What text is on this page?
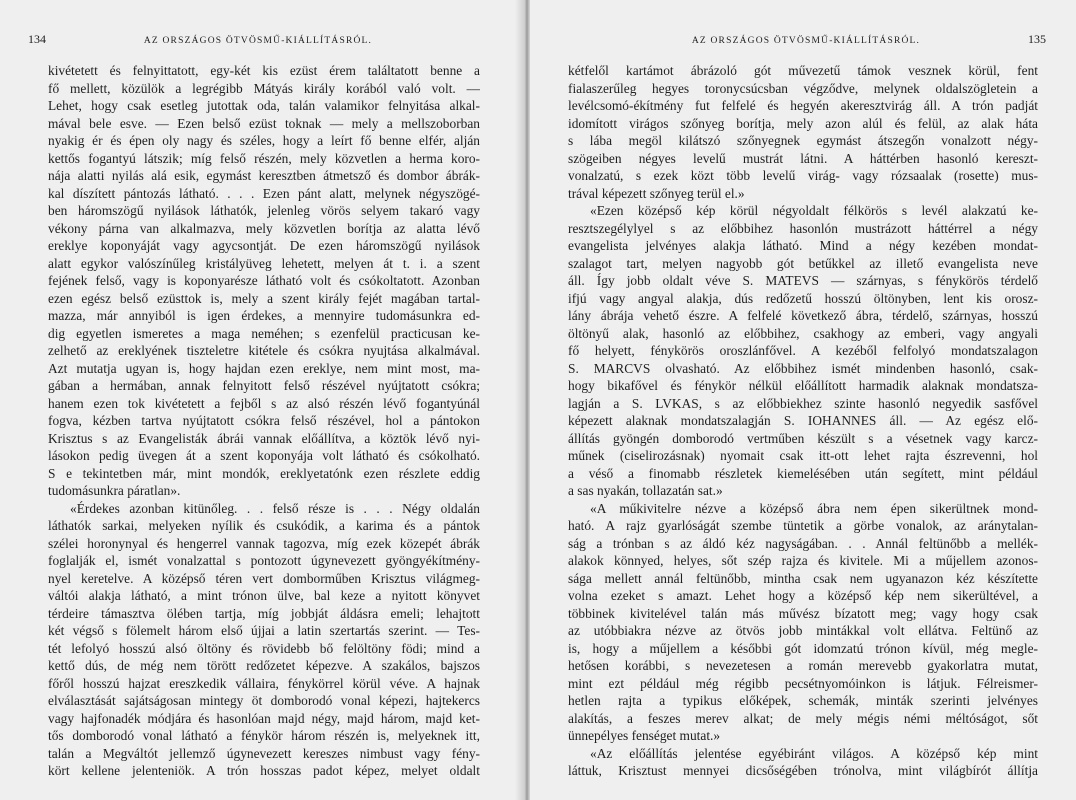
134	AZ ORSZÁGOS ÖTVÖSMŰ-KIÁLLÍTÁSRÓL.
kivétetett és felnyittatott, egy-két kis ezüst érem találtatott benne a
fő mellett, közülök a legrégibb Mátyás király korából való volt. —
Lehet, hogy csak esetleg jutottak oda, talán valamikor felnyitása alkal-
mával bele esve. — Ezen belső ezüst toknak — mely a mellszoborban
nyakig ér és épen oly nagy és széles, hogy a leírt fő benne elfér, alján
kettős fogantyú látszik; míg felső részén, mely közvetlen a herma koro-
nája alatti nyilás alá esik, egymást keresztben átmetsző és dombor ábrák-
kal díszített pántozás látható. . . . Ezen pánt alatt, melynek négyszögé-
ben háromszögű nyilások láthatók, jelenleg vörös selyem takaró vagy
vékony párna van alkalmazva, mely közvetlen borítja az alatta lévő
ereklye koponyáját vagy agycsontját. De ezen háromszögű nyilások
alatt egykor valószínűleg kristályüveg lehetett, melyen át t. i. a szent
fejének felső, vagy is koponyarésze látható volt és csókoltatott. Azonban
ezen egész belső ezüsttok is, mely a szent király fejét magában tartal-
mazza, már annyiból is igen érdekes, a mennyire tudomásunkra ed-
dig egyetlen ismeretes a maga neméhen; s ezenfelül practicusan ke-
zelhető az ereklyének tiszteletre kitétele és csókra nyujtása alkalmával.
Azt mutatja ugyan is, hogy hajdan ezen ereklye, nem mint most, ma-
gában a hermában, annak felnyitott felső részével nyújtatott csókra;
hanem ezen tok kivétetett a fejből s az alsó részén lévő fogantyúnál
fogva, kézben tartva nyújtatott csókra felső részével, hol a pántokon
Krisztus s az Evangelisták ábrái vannak előállítva, a köztök lévő nyi-
lásokon pedig üvegen át a szent koponyája volt látható és csókolható.
S e tekintetben már, mint mondók, ereklyetatónk ezen részlete eddig
tudomásunkra páratlan».
«Érdekes azonban kitünőleg. . . felső része is . . . Négy oldalán
láthatók sarkai, melyeken nyílik és csukódik, a karima és a pántok
szélei horonynyal és hengerrel vannak tagozva, míg ezek közepét ábrák
foglalják el, ismét vonalzattal s pontozott úgynevezett gyöngyékítmény-
nyel keretelve. A középső téren vert domborműben Krisztus világmeg-
váltói alakja látható, a mint trónon ülve, bal keze a nyitott könyvet
térdeire támasztva ölében tartja, míg jobbját áldásra emeli; lehajtott
két végső s fölemelt három első újjai a latin szertartás szerint. — Tes-
tét lefolyó hosszú alsó öltöny és rövidebb bő felöltöny födi; mind a
kettő dús, de még nem törött redőzetet képezve. A szakálos, bajszos
főről hosszú hajzat ereszkedik vállaira, fénykörrel körül véve. A hajnak
elválasztását sajátságosan mintegy öt domborodó vonal képezi, hajtekercs
vagy hajfonadék módjára és hasonlóan majd négy, majd három, majd ket-
tős domborodó vonal látható a fénykör három részén is, melyeknek itt,
talán a Megváltót jellemző úgynevezett kereszes nimbust vagy fény-
kört kellene jelenteniök. A trón hosszas padot képez, melyet oldalt
AZ ORSZÁGOS ÖTVÖSMŰ-KIÁLLÍTÁSRÓL.	135
kétfelől kartámot ábrázoló gót művezetű támok vesznek körül, fent
fialaszerűleg hegyes toronycsúcsban végződve, melynek oldalszögletein a
levélcsomó-ékítmény fut felfelé és hegyén akeresztvirág áll. A trón padját
idomított virágos szőnyeg borítja, mely azon alúl és felül, az alak háta
s lába megöl kilátszó szőnyegnek egymást átszegőn vonalzott négy-
szögeiben négyes levelű mustrát látni. A háttérben hasonló kereszt-
vonalzatú, s ezek közt több levelű virág- vagy rózsaalak (rosette) mus-
trával képezett szőnyeg terül el.»
«Ezen középső kép körül négyoldalt félkörös s levél alakzatú ke-
resztszegélylyel s az előbbihez hasonlón mustrázott háttérrel a négy
evangelista jelvényes alakja látható. Mind a négy kezében mondat-
szalagot tart, melyen nagyobb gót betűkkel az illető evangelista neve
áll. Így jobb oldalt véve S. MATEVS — szárnyas, s fénykörös térdelő
ifjú vagy angyal alakja, dús redőzetű hosszú öltönyben, lent kis orosz-
lány ábrája vehető észre. A felfelé következő ábra, térdelő, szárnyas, hosszú
öltönyű alak, hasonló az előbbihez, csakhogy az emberi, vagy angyali
fő helyett, fénykörös oroszlánfővel. A kezéből felfolyó mondatszalagon
S. MARCVS olvasható. Az előbbihez ismét mindenben hasonló, csak-
hogy bikafővel és fénykör nélkül előállított harmadik alaknak mondatsza-
lagján a S. LVKAS, s az előbbiekhez szinte hasonló negyedik sasfővel
képezett alaknak mondatszalagján S. IOHANNES áll. — Az egész elő-
állítás gyöngén domborodó vertműben készült s a vésetnek vagy karcz-
műnek (ciselirozásnak) nyomait csak itt-ott lehet rajta észrevenni, hol
a véső a finomabb részletek kiemelésében után segített, mint például
a sas nyakán, tollazatán sat.»
«A műkivitelre nézve a középső ábra nem épen sikerültnek mond-
ható. A rajz gyarlóságát szembe tüntetik a görbe vonalok, az aránytalan-
ság a trónban s az áldó kéz nagyságában. . . Annál feltünőbb a mellék-
alakok könnyed, helyes, sőt szép rajza és kivitele. Mi a műjellem azonos-
sága mellett annál feltünőbb, mintha csak nem ugyanazon kéz készítette
volna ezeket s amazt. Lehet hogy a középső kép nem sikerültével, a
többinek kivitelével talán más művész bízatott meg; vagy hogy csak
az utóbbiakra nézve az ötvös jobb mintákkal volt ellátva. Feltünő az
is, hogy a műjellem a későbbi gót idomzatú trónon kívül, még megle-
hetősen korábbi, s nevezetesen a román merevebb gyakorlatra mutat,
mint ezt például még régibb pecsétnyomóinkon is látjuk. Félreismer-
hetlen rajta a typikus előképek, schemák, minták szerinti jelvényes
alakítás, a feszes merev alkat; de mely mégis némi méltóságot, sőt
ünnepélyes fenséget mutat.»
«Az előállítás jelentése egyébiránt világos. A középső kép mint
láttuk, Krisztust mennyei dicsőségében trónolva, mint világbírót állítja
